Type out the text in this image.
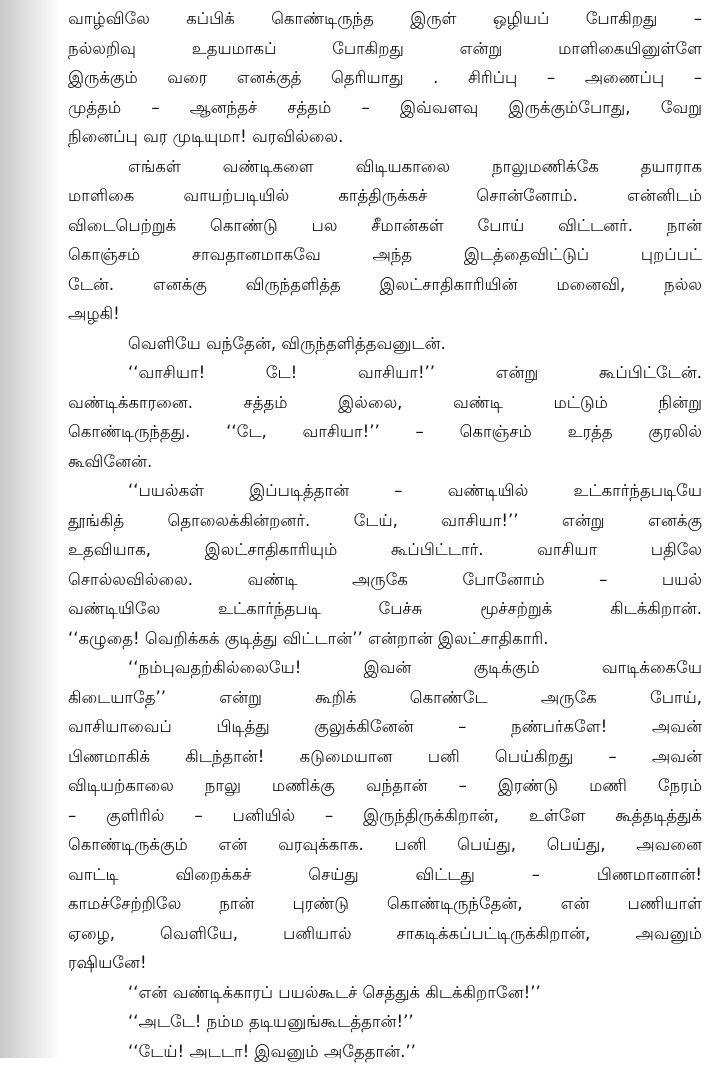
வாழ்விலே கப்பிக் கொண்டிருந்த இருள் ஒழியப் போகிறது –
நல்லறிவு உதயமாகப் போகிறது என்று மாளிகையினுள்ளே
இருக்கும் வரை எனக்குத் தெரியாது . சிரிப்பு – அணைப்பு –
முத்தம் – ஆனந்தச் சத்தம் – இவ்வளவு இருக்கும்போது, வேறு
நினைப்பு வர முடியுமா! வரவில்லை.

எங்கள் வண்டிகளை விடியகாலை நாலுமணிக்கே தயாராக
மாளிகை வாயற்படியில் காத்திருக்கச் சொன்னோம். என்னிடம்
விடைபெற்றுக் கொண்டு பல சீமான்கள் போய் விட்டனர். நான்
கொஞ்சம் சாவதானமாகவே அந்த இடத்தைவிட்டுப் புறப்பட்
டேன். எனக்கு விருந்தளித்த இலட்சாதிகாரியின் மனைவி, நல்ல
அழகி!

வெளியே வந்தேன், விருந்தளித்தவனுடன்.

‘‘வாசியா! டே! வாசியா!’’ என்று கூப்பிட்டேன்.
வண்டிக்காரனை. சத்தம் இல்லை, வண்டி மட்டும் நின்று
கொண்டிருந்தது. ‘‘டே, வாசியா!’’ – கொஞ்சம் உரத்த குரலில்
கூவினேன்.

‘‘பயல்கள் இப்படித்தான் – வண்டியில் உட்கார்ந்தபடியே
தூங்கித் தொலைக்கின்றனர். டேய், வாசியா!’’ என்று எனக்கு
உதவியாக, இலட்சாதிகாரியும் கூப்பிட்டார். வாசியா பதிலே
சொல்லவில்லை. வண்டி அருகே போனோம் – பயல்
வண்டியிலே உட்கார்ந்தபடி பேச்சு மூச்சற்றுக் கிடக்கிறான்.
‘‘கழுதை! வெறிக்கக் குடித்து விட்டான்’’ என்றான் இலட்சாதிகாரி.

‘‘நம்புவதற்கில்லையே! இவன் குடிக்கும் வாடிக்கையே
கிடையாதே’’ என்று கூறிக் கொண்டே அருகே போய்,
வாசியாவைப் பிடித்து குலுக்கினேன் – நண்பர்களே! அவன்
பிணமாகிக் கிடந்தான்! கடுமையான பனி பெய்கிறது – அவன்
விடியற்காலை நாலு மணிக்கு வந்தான் – இரண்டு மணி நேரம்
– குளிரில் – பனியில் – இருந்திருக்கிறான், உள்ளே கூத்தடித்துக்
கொண்டிருக்கும் என் வரவுக்காக. பனி பெய்து, பெய்து, அவனை
வாட்டி விறைக்கச் செய்து விட்டது – பிணமானான்!
காமச்சேற்றிலே நான் புரண்டு கொண்டிருந்தேன், என் பணியாள்
ஏழை, வெளியே, பனியால் சாகடிக்கப்பட்டிருக்கிறான், அவனும்
ரஷியனே!

‘‘என் வண்டிக்காரப் பயல்கூடச் செத்துக் கிடக்கிறானே!’’

‘‘அடடே! நம்ம தடியனுங்கூடத்தான்!’’

‘‘டேய்! அடடா! இவனும் அதேதான்.’’
